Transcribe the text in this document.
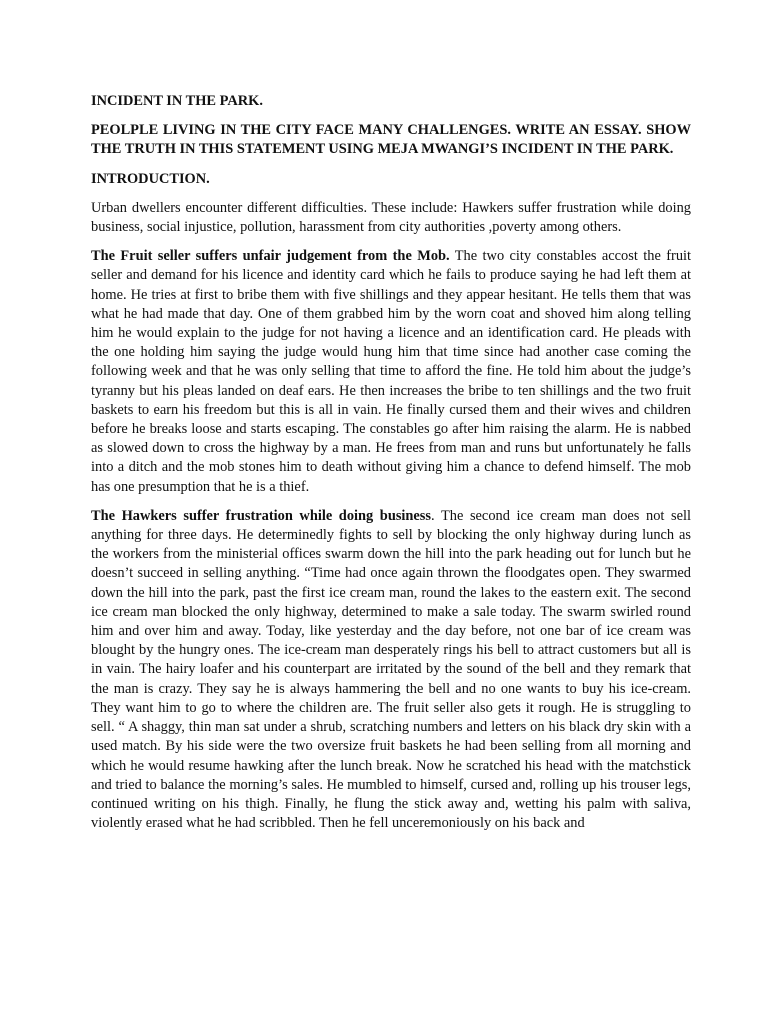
INCIDENT IN THE PARK.

PEOLPLE LIVING IN THE CITY FACE MANY CHALLENGES. WRITE AN ESSAY. SHOW THE TRUTH IN THIS STATEMENT USING MEJA MWANGI’S INCIDENT IN THE PARK.

INTRODUCTION.

Urban dwellers encounter different difficulties. These include: Hawkers suffer frustration while doing business, social injustice, pollution, harassment from city authorities ,poverty among others.

The Fruit seller suffers unfair judgement from the Mob. The two city constables accost the fruit seller and demand for his licence and identity card which he fails to produce saying he had left them at home. He tries at first to bribe them with five shillings and they appear hesitant. He tells them that was what he had made that day. One of them grabbed him by the worn coat and shoved him along telling him he would explain to the judge for not having a licence and an identification card. He pleads with the one holding him saying the judge would hung him that time since had another case coming the following week and that he was only selling that time to afford the fine. He told him about the judge’s tyranny but his pleas landed on deaf ears. He then increases the bribe to ten shillings and the two fruit baskets to earn his freedom but this is all in vain. He finally cursed them and their wives and children before he breaks loose and starts escaping. The constables go after him raising the alarm. He is nabbed as slowed down to cross the highway by a man. He frees from man and runs but unfortunately he falls into a ditch and the mob stones him to death without giving him a chance to defend himself. The mob has one presumption that he is a thief.

The Hawkers suffer frustration while doing business. The second ice cream man does not sell anything for three days. He determinedly fights to sell by blocking the only highway during lunch as the workers from the ministerial offices swarm down the hill into the park heading out for lunch but he doesn’t succeed in selling anything. “Time had once again thrown the floodgates open. They swarmed down the hill into the park, past the first ice cream man, round the lakes to the eastern exit. The second ice cream man blocked the only highway, determined to make a sale today. The swarm swirled round him and over him and away. Today, like yesterday and the day before, not one bar of ice cream was blought by the hungry ones. The ice-cream man desperately rings his bell to attract customers but all is in vain. The hairy loafer and his counterpart are irritated by the sound of the bell and they remark that the man is crazy. They say he is always hammering the bell and no one wants to buy his ice-cream. They want him to go to where the children are. The fruit seller also gets it rough. He is struggling to sell. “ A shaggy, thin man sat under a shrub, scratching numbers and letters on his black dry skin with a used match. By his side were the two oversize fruit baskets he had been selling from all morning and which he would resume hawking after the lunch break. Now he scratched his head with the matchstick and tried to balance the morning’s sales. He mumbled to himself, cursed and, rolling up his trouser legs, continued writing on his thigh. Finally, he flung the stick away and, wetting his palm with saliva, violently erased what he had scribbled. Then he fell unceremoniously on his back and
